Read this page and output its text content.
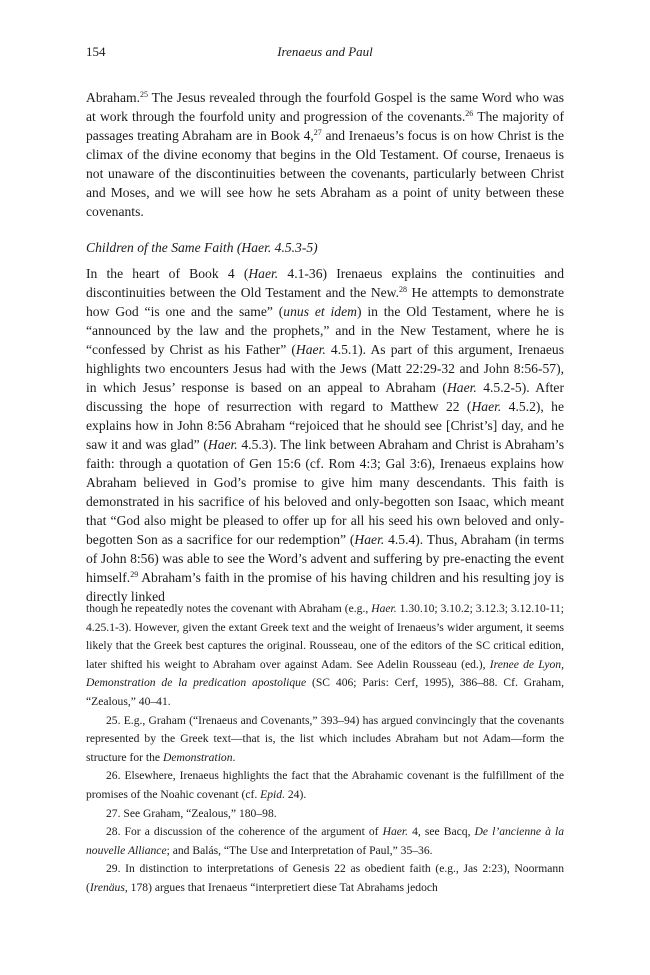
154	Irenaeus and Paul

Abraham.$^{25}$ The Jesus revealed through the fourfold Gospel is the same Word who was at work through the fourfold unity and progression of the covenants.$^{26}$ The majority of passages treating Abraham are in Book 4,27 and Irenaeus’s focus is on how Christ is the climax of the divine economy that begins in the Old Testament. Of course, Irenaeus is not unaware of the discontinuities between the covenants, particularly between Christ and Moses, and we will see how he sets Abraham as a point of unity between these covenants.

Children of the Same Faith (Haer. 4.5.3-5)

In the heart of Book 4 (Haer. 4.1-36) Irenaeus explains the continuities and discontinuities between the Old Testament and the New.$^{28}$ He attempts to demonstrate how God “is one and the same” (unus et idem) in the Old Testament, where he is “announced by the law and the prophets,” and in the New Testament, where he is “confessed by Christ as his Father” (Haer. 4.5.1). As part of this argument, Irenaeus highlights two encounters Jesus had with the Jews (Matt 22:29-32 and John 8:56-57), in which Jesus’ response is based on an appeal to Abraham (Haer. 4.5.2-5). After discussing the hope of resurrection with regard to Matthew 22 (Haer. 4.5.2), he explains how in John 8:56 Abraham “rejoiced that he should see [Christ’s] day, and he saw it and was glad” (Haer. 4.5.3). The link between Abraham and Christ is Abraham’s faith: through a quotation of Gen 15:6 (cf. Rom 4:3; Gal 3:6), Irenaeus explains how Abraham believed in God’s promise to give him many descendants. This faith is demonstrated in his sacrifice of his beloved and only-begotten son Isaac, which meant that “God also might be pleased to offer up for all his seed his own beloved and only-begotten Son as a sacrifice for our redemption” (Haer. 4.5.4). Thus, Abraham (in terms of John 8:56) was able to see the Word’s advent and suffering by pre-enacting the event himself.$^{29}$ Abraham’s faith in the promise of his having children and his resulting joy is directly linked

though he repeatedly notes the covenant with Abraham (e.g., Haer. 1.30.10; 3.10.2; 3.12.3; 3.12.10-11; 4.25.1-3). However, given the extant Greek text and the weight of Irenaeus’s wider argument, it seems likely that the Greek best captures the original. Rousseau, one of the editors of the SC critical edition, later shifted his weight to Abraham over against Adam. See Adelin Rousseau (ed.), Irenee de Lyon, Demonstration de la predication apostolique (SC 406; Paris: Cerf, 1995), 386–88. Cf. Graham, “Zealous,” 40–41.

25. E.g., Graham (“Irenaeus and Covenants,” 393–94) has argued convincingly that the covenants represented by the Greek text—that is, the list which includes Abraham but not Adam—form the structure for the Demonstration.

26. Elsewhere, Irenaeus highlights the fact that the Abrahamic covenant is the fulfillment of the promises of the Noahic covenant (cf. Epid. 24).

27. See Graham, “Zealous,” 180–98.

28. For a discussion of the coherence of the argument of Haer. 4, see Bacq, De l’ancienne à la nouvelle Alliance; and Balás, “The Use and Interpretation of Paul,” 35–36.

29. In distinction to interpretations of Genesis 22 as obedient faith (e.g., Jas 2:23), Noormann (Irenäus, 178) argues that Irenaeus “interpretiert diese Tat Abrahams jedoch
